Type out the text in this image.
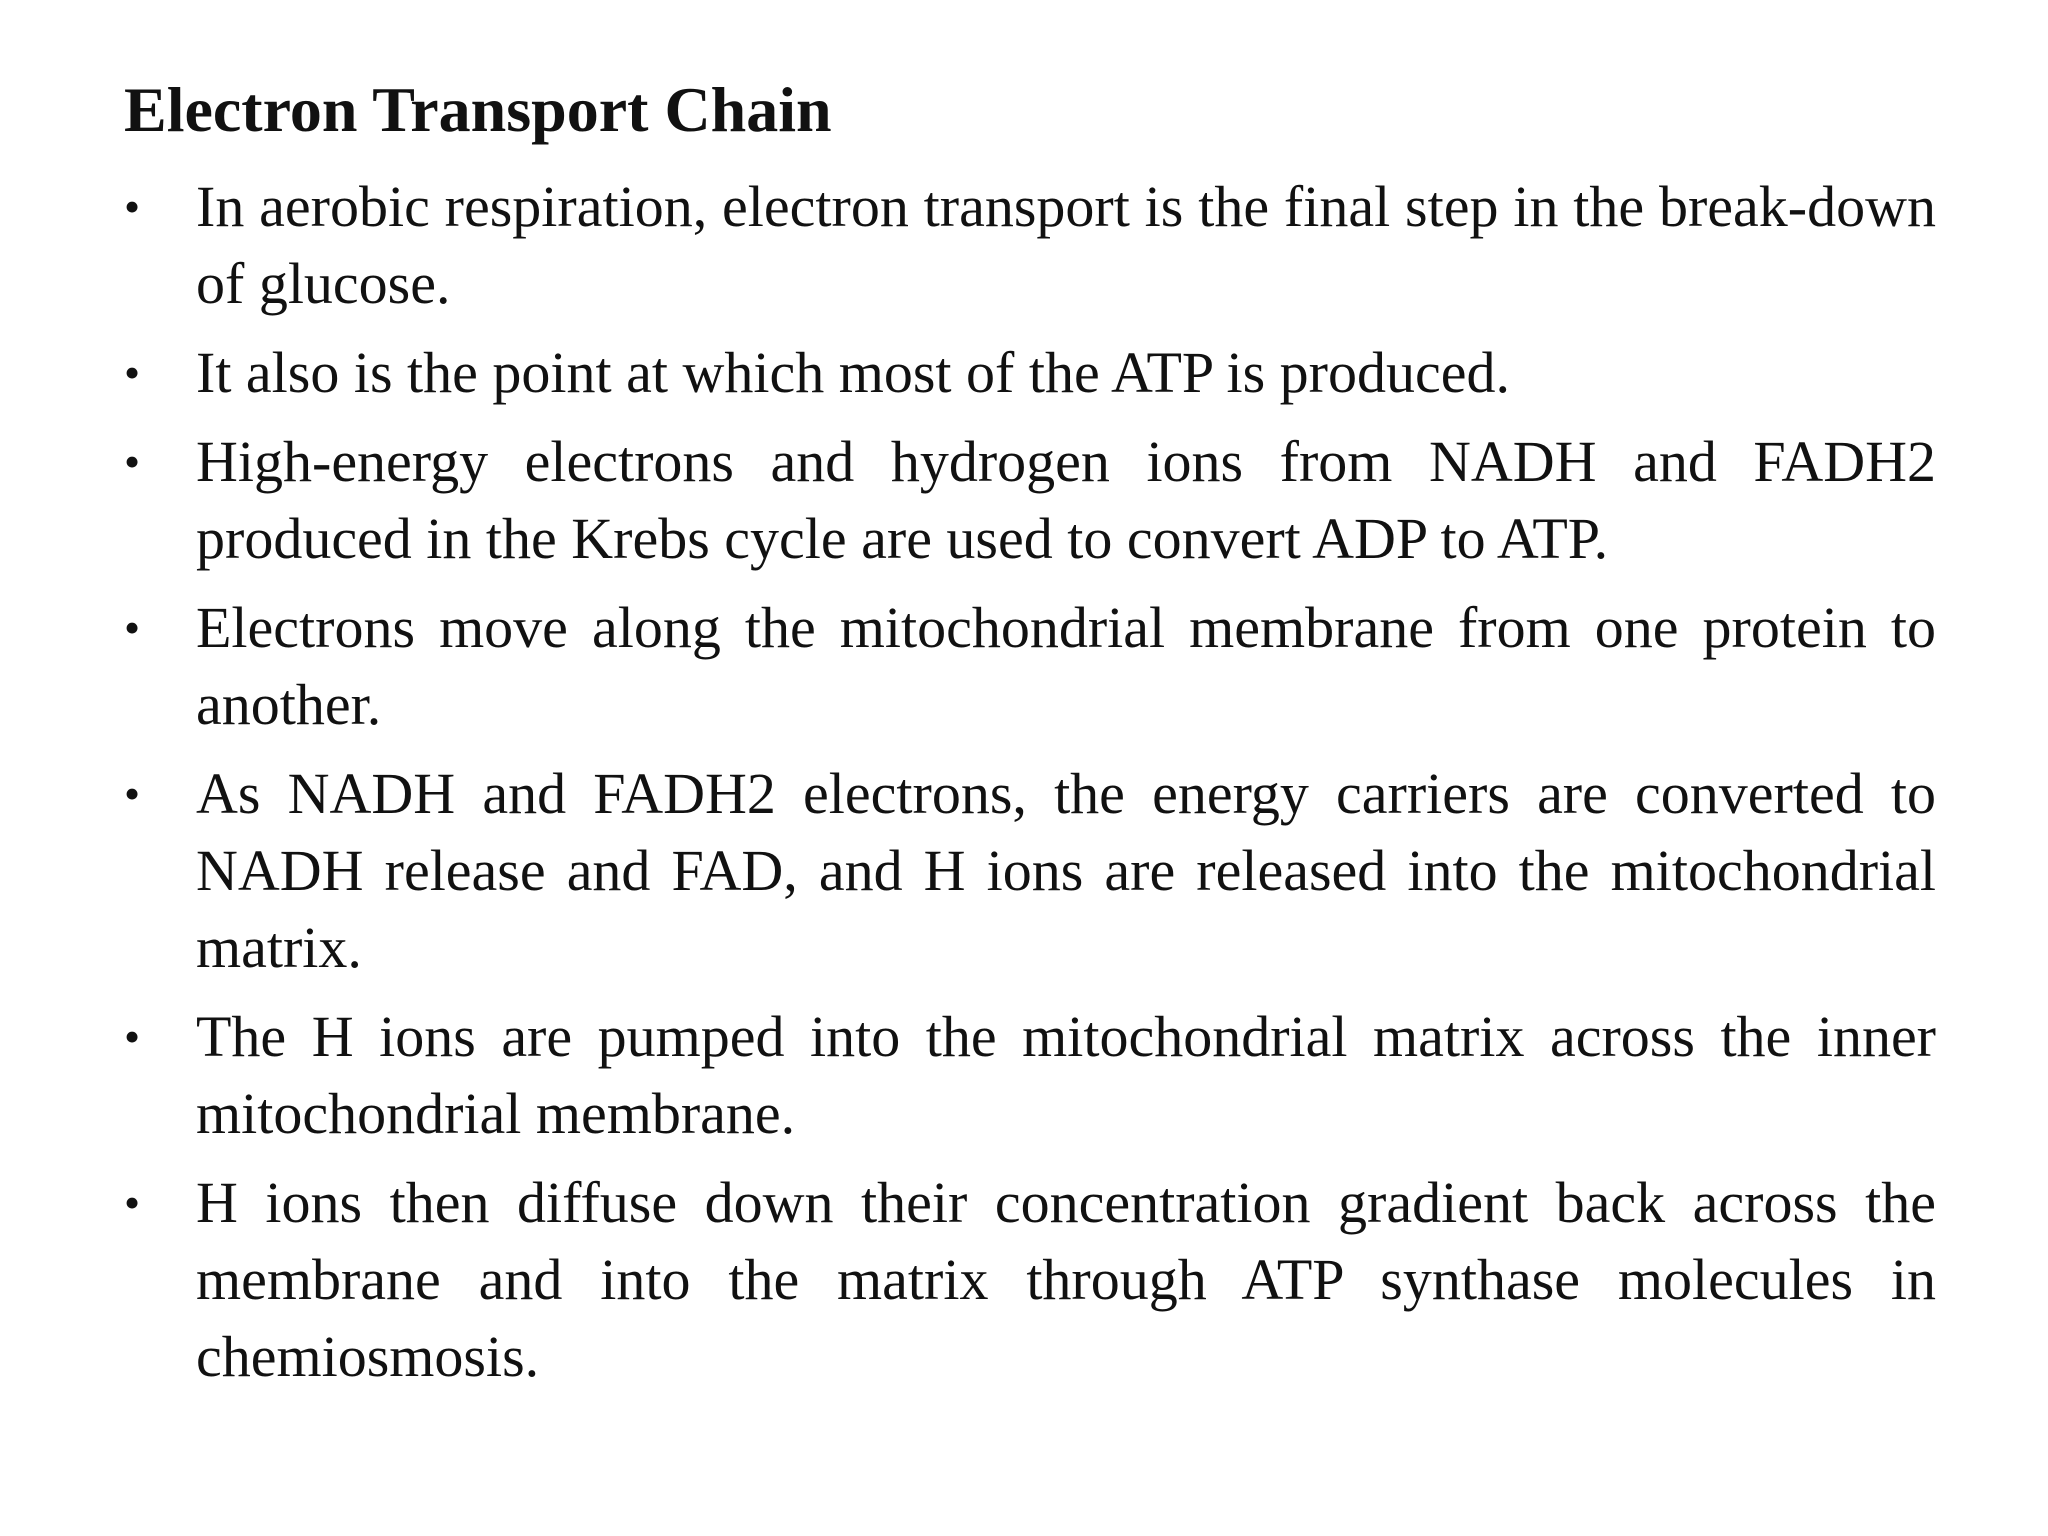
Electron Transport Chain
• In aerobic respiration, electron transport is the final step in the break-down of glucose.
• It also is the point at which most of the ATP is produced.
• High-energy electrons and hydrogen ions from NADH and FADH2 produced in the Krebs cycle are used to convert ADP to ATP.
• Electrons move along the mitochondrial membrane from one protein to another.
• As NADH and FADH2 electrons, the energy carriers are converted to NADH release and FAD, and H ions are released into the mitochondrial matrix.
• The H ions are pumped into the mitochondrial matrix across the inner mitochondrial membrane.
• H ions then diffuse down their concentration gradient back across the membrane and into the matrix through ATP synthase molecules in chemiosmosis.
